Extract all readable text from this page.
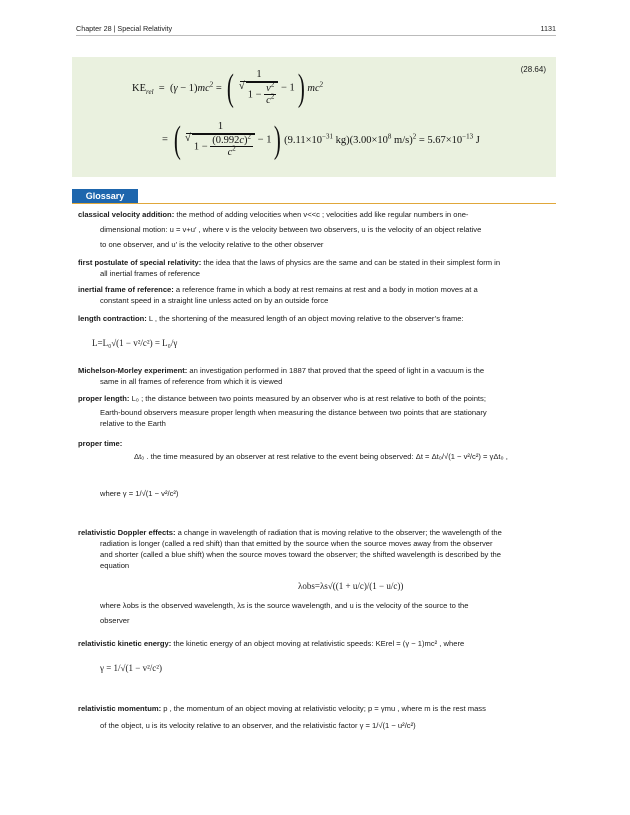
Chapter 28 | Special Relativity	1131
(28.64)
$KE_{rel} = (\gamma - 1)mc^2$ = ( 1
√ $1 - \frac{v^2}{c^2} - 1$) $mc^2$
= ( 1
√ $1 - \frac{(0.992c)^2}{c^2} - 1$) ($9.11\times 10^{-31}$ $kg)(3.00\times 10^8$ $m/s)^2 = 5.67\times 10^{-13}$ J
Glossary
classical velocity addition: the method of adding velocities when v<<c ; velocities add like regular numbers in one-
dimensional motion: u = v+u′ , where v is the velocity between two observers, u is the velocity of an object relative
to one observer, and u′ is the velocity relative to the other observer
first postulate of special relativity: the idea that the laws of physics are the same and can be stated in their simplest form in
all inertial frames of reference
inertial frame of reference: a reference frame in which a body at rest remains at rest and a body in motion moves at a
constant speed in a straight line unless acted on by an outside force
length contraction: L , the shortening of the measured length of an object moving relative to the observer’s frame:
L=L₀√(1 − v²/c²) = L₀/γ
Michelson-Morley experiment: an investigation performed in 1887 that proved that the speed of light in a vacuum is the
same in all frames of reference from which it is viewed
proper length: L₀ ; the distance between two points measured by an observer who is at rest relative to both of the points;
Earth-bound observers measure proper length when measuring the distance between two points that are stationary
relative to the Earth
proper time:
Δt₀ . the time measured by an observer at rest relative to the event being observed: Δt = Δt₀/√(1 − v²/c²) = γΔt₀ ,
where γ = 1/√(1 − v²/c²)
relativistic Doppler effects: a change in wavelength of radiation that is moving relative to the observer; the wavelength of the
radiation is longer (called a red shift) than that emitted by the source when the source moves away from the observer
and shorter (called a blue shift) when the source moves toward the observer; the shifted wavelength is described by the
equation
λobs=λs√((1 + u/c)/(1 − u/c))
where λobs is the observed wavelength, λs is the source wavelength, and u is the velocity of the source to the
observer
relativistic kinetic energy: the kinetic energy of an object moving at relativistic speeds: KErel = (γ − 1)mc² , where
γ = 1/√(1 − v²/c²)
relativistic momentum: p , the momentum of an object moving at relativistic velocity; p = γmu , where m is the rest mass
of the object, u is its velocity relative to an observer, and the relativistic factor γ = 1/√(1 − u²/c²)
